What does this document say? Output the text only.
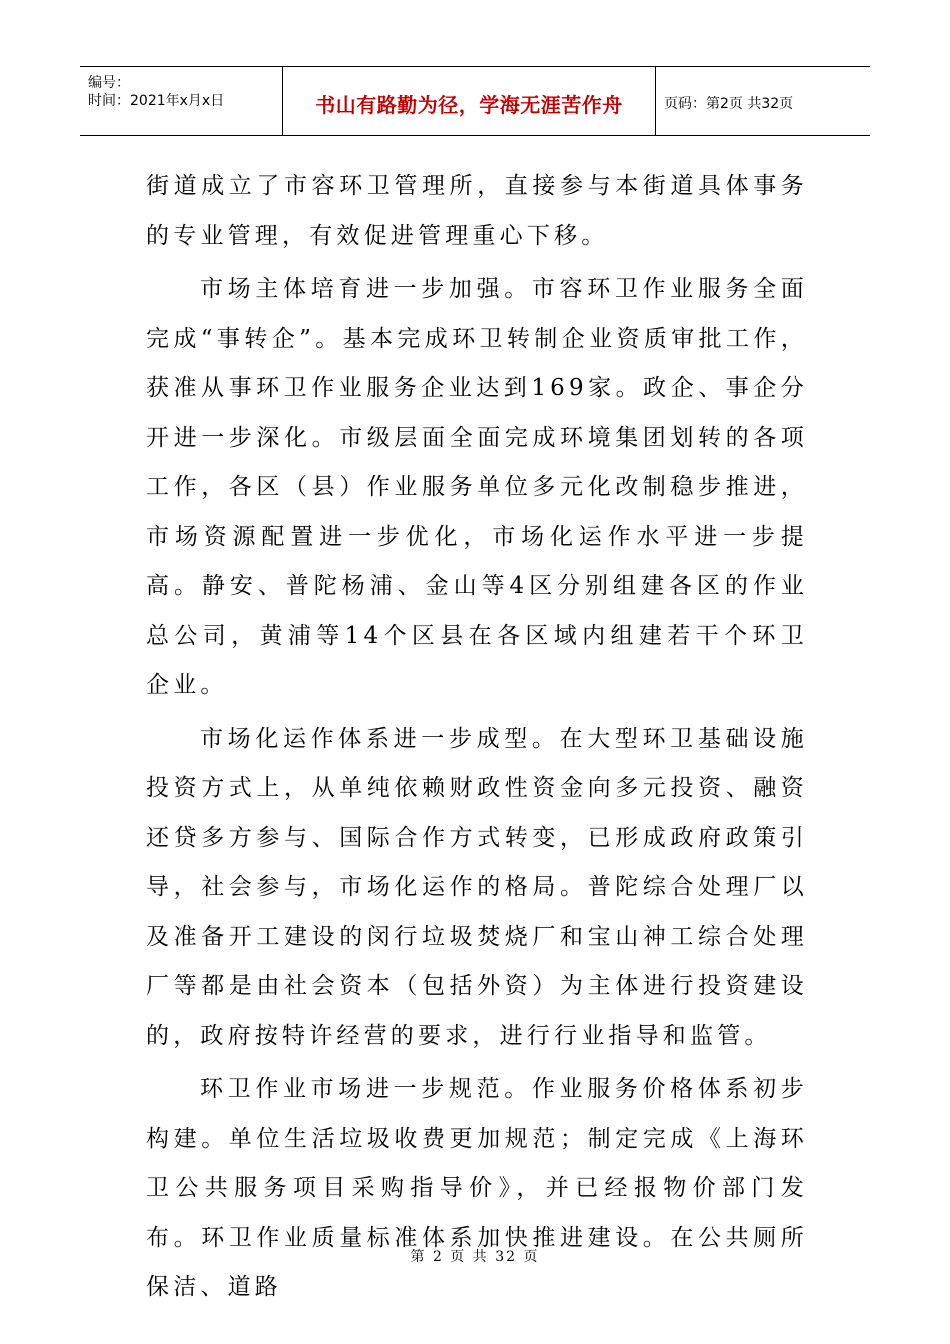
编号：
时间：2021年x月x日	书山有路勤为径，学海无涯苦作舟	页码：第2页 共32页

街道成立了市容环卫管理所，直接参与本街道具体事务的专业管理，有效促进管理重心下移。

市场主体培育进一步加强。市容环卫作业服务全面完成“事转企”。基本完成环卫转制企业资质审批工作，获准从事环卫作业服务企业达到169家。政企、事企分开进一步深化。市级层面全面完成环境集团划转的各项工作，各区（县）作业服务单位多元化改制稳步推进，市场资源配置进一步优化，市场化运作水平进一步提高。静安、普陀杨浦、金山等4区分别组建各区的作业总公司，黄浦等14个区县在各区域内组建若干个环卫企业。

市场化运作体系进一步成型。在大型环卫基础设施投资方式上，从单纯依赖财政性资金向多元投资、融资还贷多方参与、国际合作方式转变，已形成政府政策引导，社会参与，市场化运作的格局。普陀综合处理厂以及准备开工建设的闵行垃圾焚烧厂和宝山神工综合处理厂等都是由社会资本（包括外资）为主体进行投资建设的，政府按特许经营的要求，进行行业指导和监管。

环卫作业市场进一步规范。作业服务价格体系初步构建。单位生活垃圾收费更加规范；制定完成《上海环卫公共服务项目采购指导价》，并已经报物价部门发布。环卫作业质量标准体系加快推进建设。在公共厕所保洁、道路

第 2 页 共 32 页
